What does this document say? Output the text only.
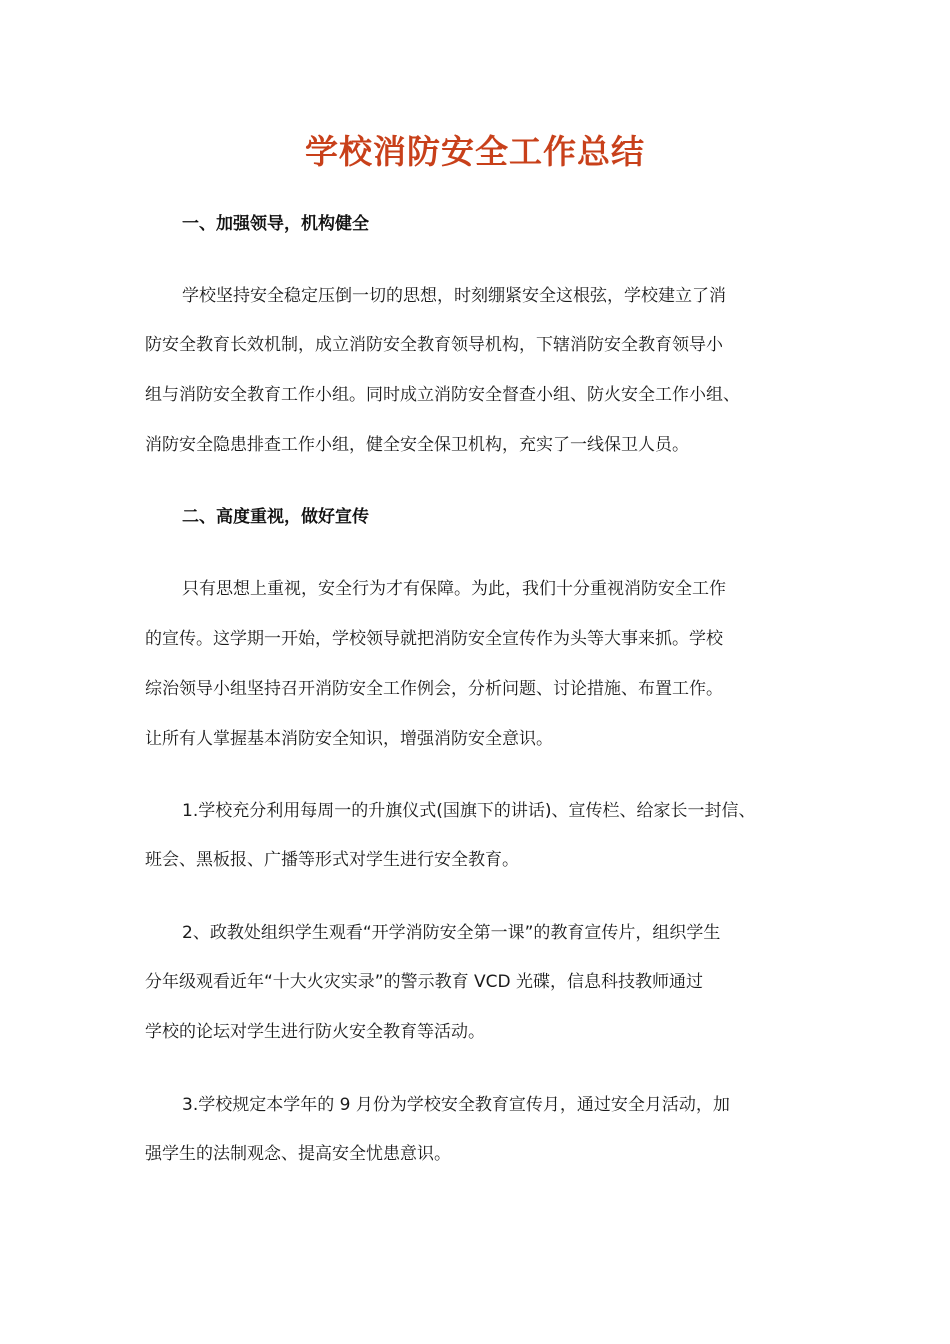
学校消防安全工作总结
一、加强领导，机构健全
学校坚持安全稳定压倒一切的思想，时刻绷紧安全这根弦，学校建立了消
防安全教育长效机制，成立消防安全教育领导机构，下辖消防安全教育领导小
组与消防安全教育工作小组。同时成立消防安全督查小组、防火安全工作小组、
消防安全隐患排查工作小组，健全安全保卫机构，充实了一线保卫人员。
二、高度重视，做好宣传
只有思想上重视，安全行为才有保障。为此，我们十分重视消防安全工作
的宣传。这学期一开始，学校领导就把消防安全宣传作为头等大事来抓。学校
综治领导小组坚持召开消防安全工作例会，分析问题、讨论措施、布置工作。
让所有人掌握基本消防安全知识，增强消防安全意识。
1.学校充分利用每周一的升旗仪式(国旗下的讲话)、宣传栏、给家长一封信、
班会、黑板报、广播等形式对学生进行安全教育。
2、政教处组织学生观看“开学消防安全第一课”的教育宣传片，组织学生
分年级观看近年“十大火灾实录”的警示教育 VCD 光碟，信息科技教师通过
学校的论坛对学生进行防火安全教育等活动。
3.学校规定本学年的 9 月份为学校安全教育宣传月，通过安全月活动，加
强学生的法制观念、提高安全忧患意识。
